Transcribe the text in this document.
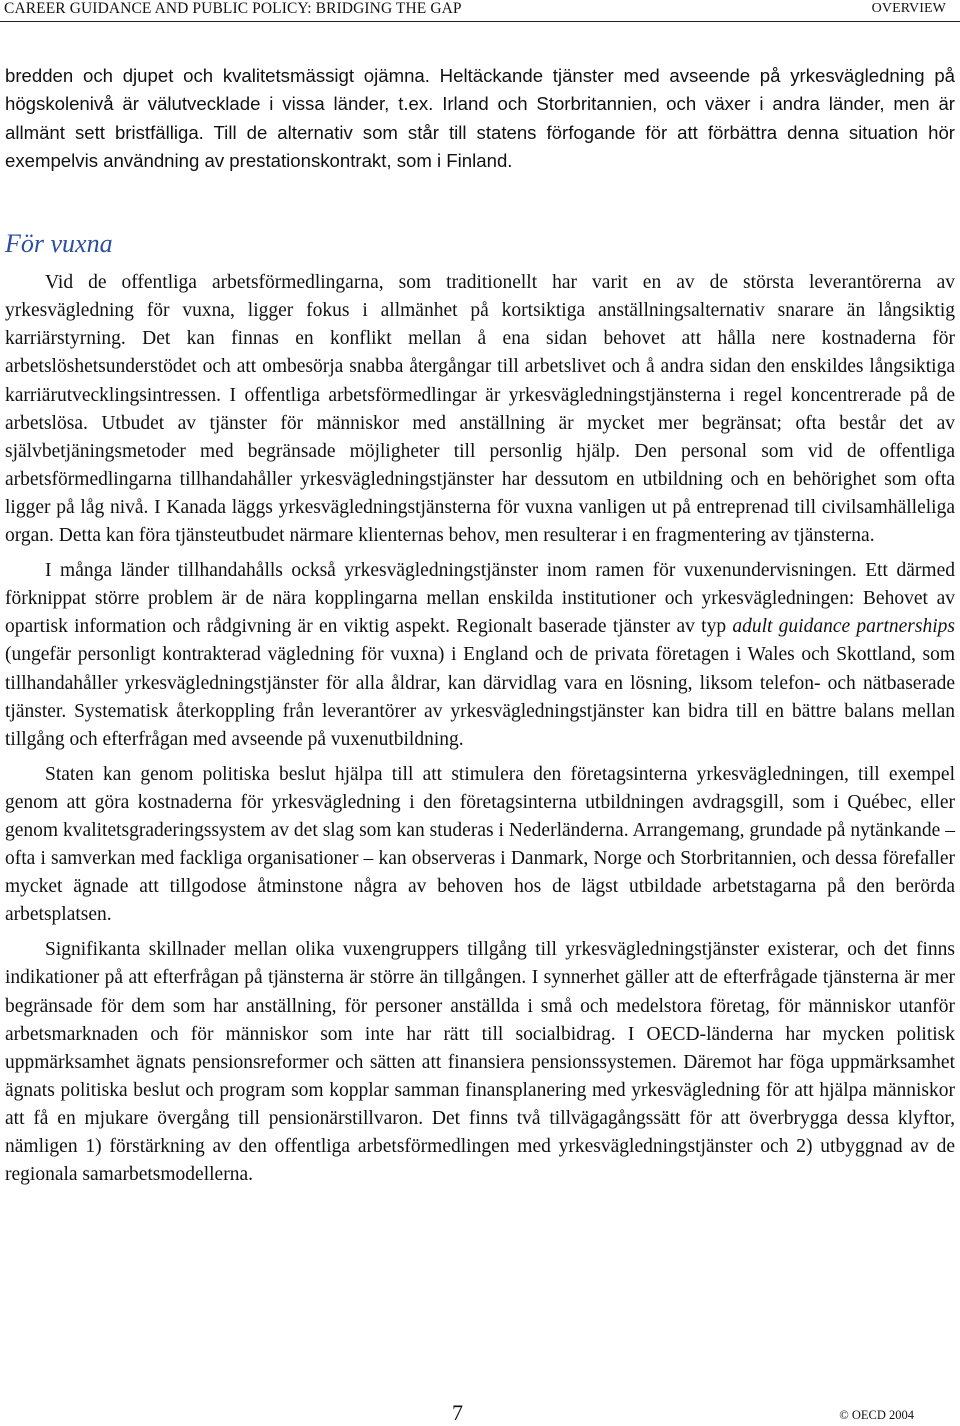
CAREER GUIDANCE AND PUBLIC POLICY: BRIDGING THE GAP	OVERVIEW

bredden och djupet och kvalitetsmässigt ojämna. Heltäckande tjänster med avseende på yrkesvägledning på högskolenivå är välutvecklade i vissa länder, t.ex. Irland och Storbritannien, och växer i andra länder, men är allmänt sett bristfälliga. Till de alternativ som står till statens förfogande för att förbättra denna situation hör exempelvis användning av prestationskontrakt, som i Finland.

För vuxna

Vid de offentliga arbetsförmedlingarna, som traditionellt har varit en av de största leverantörerna av yrkesvägledning för vuxna, ligger fokus i allmänhet på kortsiktiga anställningsalternativ snarare än långsiktig karriärstyrning. Det kan finnas en konflikt mellan å ena sidan behovet att hålla nere kostnaderna för arbetslöshetsunderstödet och att ombesörja snabba återgångar till arbetslivet och å andra sidan den enskildes långsiktiga karriärutvecklingsintressen. I offentliga arbetsförmedlingar är yrkesvägledningstjänsterna i regel koncentrerade på de arbetslösa. Utbudet av tjänster för människor med anställning är mycket mer begränsat; ofta består det av självbetjäningsmetoder med begränsade möjligheter till personlig hjälp. Den personal som vid de offentliga arbetsförmedlingarna tillhandahåller yrkesvägledningstjänster har dessutom en utbildning och en behörighet som ofta ligger på låg nivå. I Kanada läggs yrkesvägledningstjänsterna för vuxna vanligen ut på entreprenad till civilsamhälleliga organ. Detta kan föra tjänsteutbudet närmare klienternas behov, men resulterar i en fragmentering av tjänsterna.

I många länder tillhandahålls också yrkesvägledningstjänster inom ramen för vuxenundervisningen. Ett därmed förknippat större problem är de nära kopplingarna mellan enskilda institutioner och yrkesvägledningen: Behovet av opartisk information och rådgivning är en viktig aspekt. Regionalt baserade tjänster av typ adult guidance partnerships (ungefär personligt kontrakterad vägledning för vuxna) i England och de privata företagen i Wales och Skottland, som tillhandahåller yrkesvägledningstjänster för alla åldrar, kan därvidlag vara en lösning, liksom telefon- och nätbaserade tjänster. Systematisk återkoppling från leverantörer av yrkesvägledningstjänster kan bidra till en bättre balans mellan tillgång och efterfrågan med avseende på vuxenutbildning.

Staten kan genom politiska beslut hjälpa till att stimulera den företagsinterna yrkesvägledningen, till exempel genom att göra kostnaderna för yrkesvägledning i den företagsinterna utbildningen avdragsgill, som i Québec, eller genom kvalitetsgraderingssystem av det slag som kan studeras i Nederländerna. Arrangemang, grundade på nytänkande – ofta i samverkan med fackliga organisationer – kan observeras i Danmark, Norge och Storbritannien, och dessa förefaller mycket ägnade att tillgodose åtminstone några av behoven hos de lägst utbildade arbetstagarna på den berörda arbetsplatsen.

Signifikanta skillnader mellan olika vuxengruppers tillgång till yrkesvägledningstjänster existerar, och det finns indikationer på att efterfrågan på tjänsterna är större än tillgången. I synnerhet gäller att de efterfrågade tjänsterna är mer begränsade för dem som har anställning, för personer anställda i små och medelstora företag, för människor utanför arbetsmarknaden och för människor som inte har rätt till socialbidrag. I OECD-länderna har mycken politisk uppmärksamhet ägnats pensionsreformer och sätten att finansiera pensionssystemen. Däremot har föga uppmärksamhet ägnats politiska beslut och program som kopplar samman finansplanering med yrkesvägledning för att hjälpa människor att få en mjukare övergång till pensionärstillvaron. Det finns två tillvägagångssätt för att överbrygga dessa klyftor, nämligen 1) förstärkning av den offentliga arbetsförmedlingen med yrkesvägledningstjänster och 2) utbyggnad av de regionala samarbetsmodellerna.

7	© OECD 2004
